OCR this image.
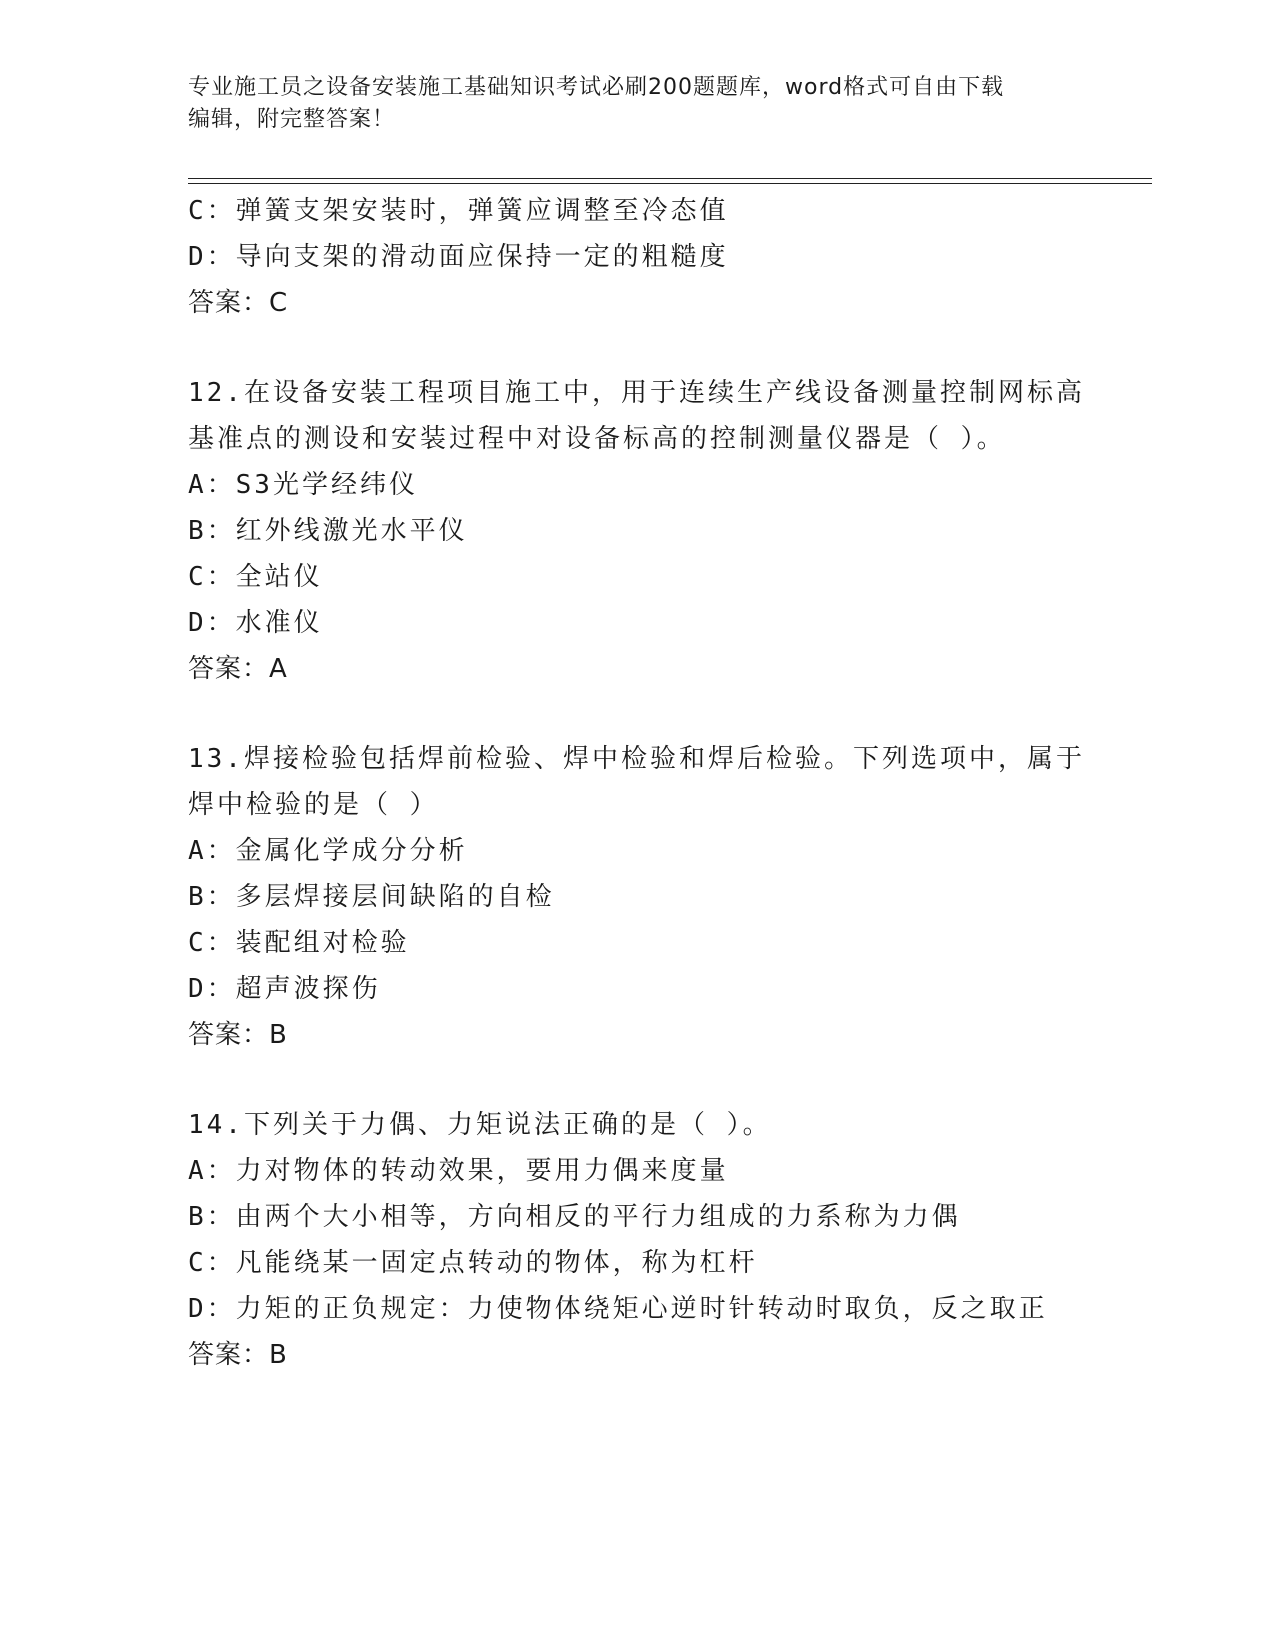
专业施工员之设备安装施工基础知识考试必刷200题题库，word格式可自由下载
编辑，附完整答案！
C：弹簧支架安装时，弹簧应调整至冷态值
D：导向支架的滑动面应保持一定的粗糙度
答案：C
12.在设备安装工程项目施工中，用于连续生产线设备测量控制网标高
基准点的测设和安装过程中对设备标高的控制测量仪器是（ ）。
A：S3光学经纬仪
B：红外线激光水平仪
C：全站仪
D：水准仪
答案：A
13.焊接检验包括焊前检验、焊中检验和焊后检验。下列选项中，属于
焊中检验的是（ ）
A：金属化学成分分析
B：多层焊接层间缺陷的自检
C：装配组对检验
D：超声波探伤
答案：B
14.下列关于力偶、力矩说法正确的是（ ）。
A：力对物体的转动效果，要用力偶来度量
B：由两个大小相等，方向相反的平行力组成的力系称为力偶
C：凡能绕某一固定点转动的物体，称为杠杆
D：力矩的正负规定：力使物体绕矩心逆时针转动时取负，反之取正
答案：B
